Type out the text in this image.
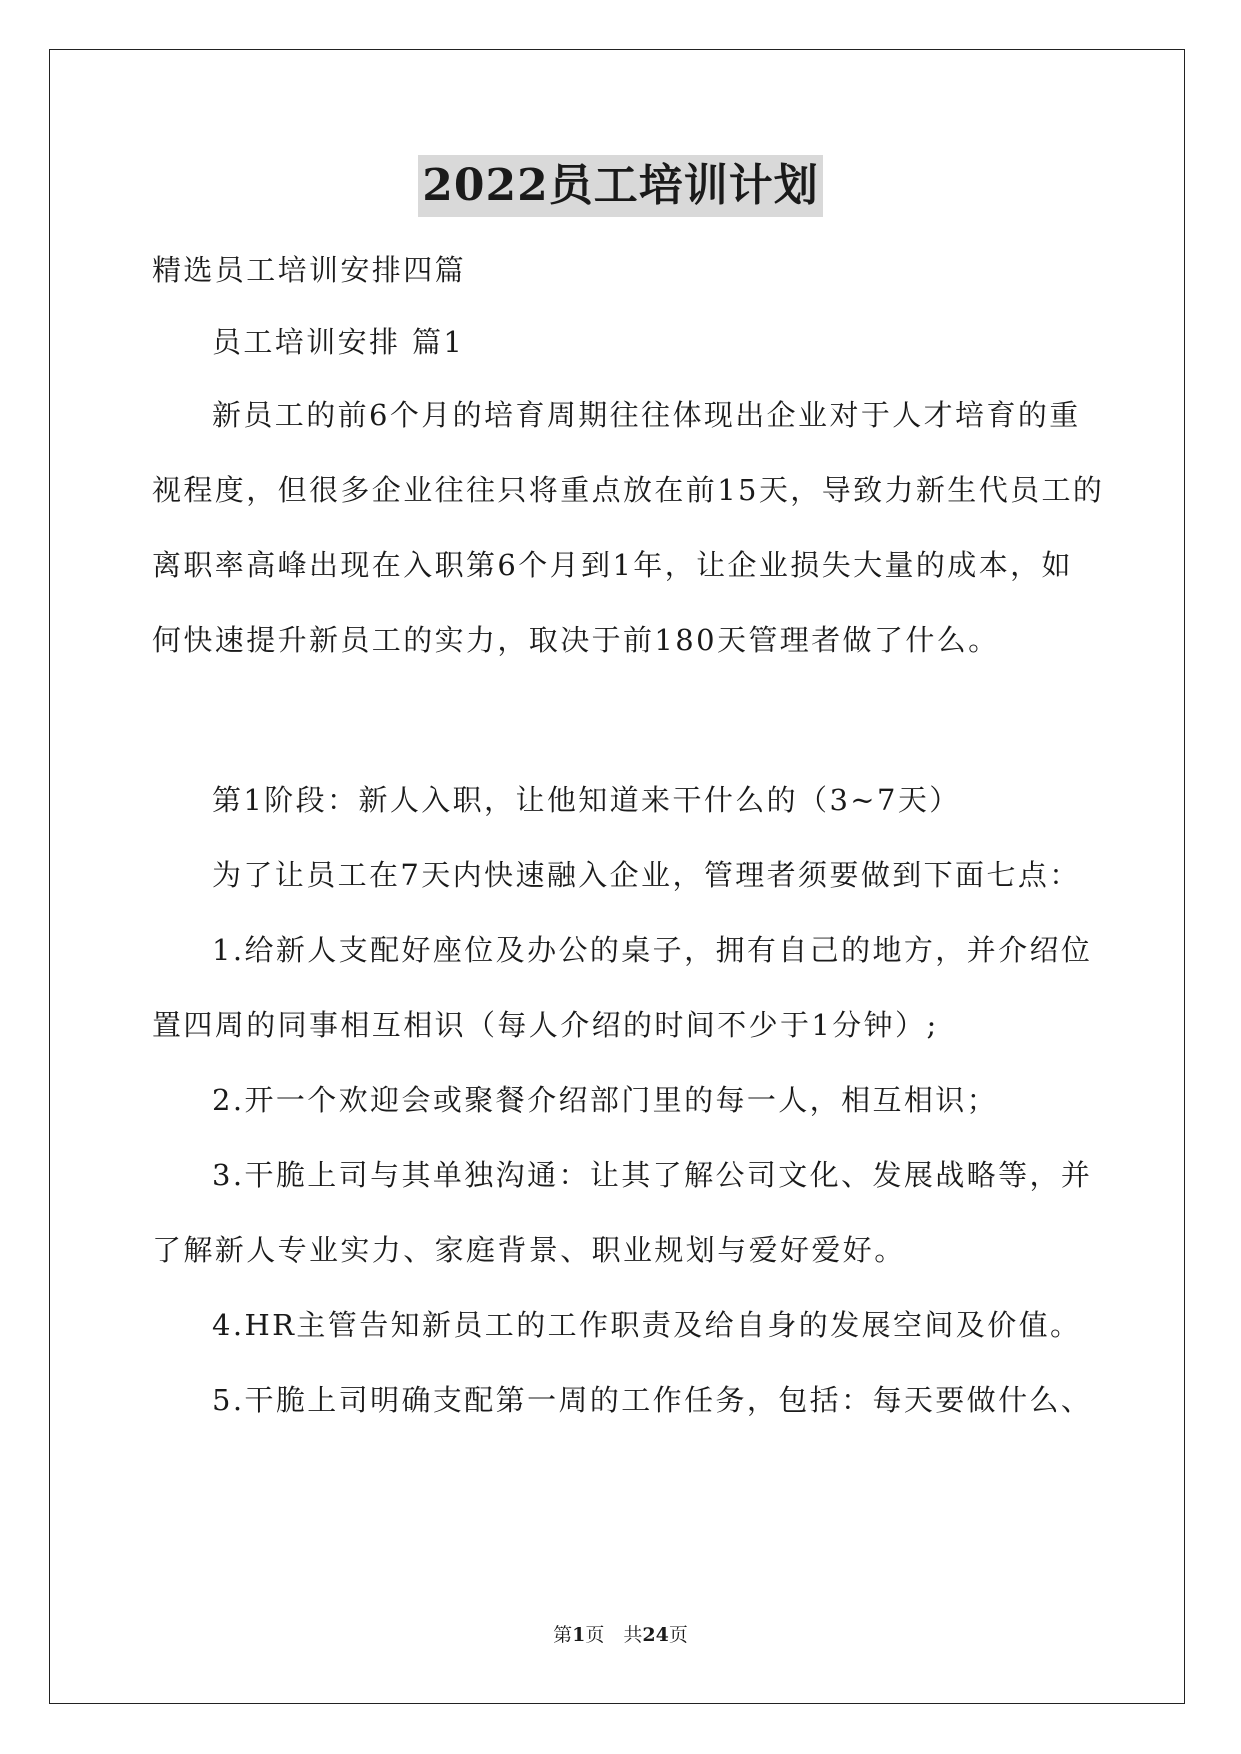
2022员工培训计划
精选员工培训安排四篇
员工培训安排 篇1
新员工的前6个月的培育周期往往体现出企业对于人才培育的重
视程度，但很多企业往往只将重点放在前15天，导致力新生代员工的
离职率高峰出现在入职第6个月到1年，让企业损失大量的成本，如
何快速提升新员工的实力，取决于前180天管理者做了什么。
第1阶段：新人入职，让他知道来干什么的（3~7天）
为了让员工在7天内快速融入企业，管理者须要做到下面七点：
1.给新人支配好座位及办公的桌子，拥有自己的地方，并介绍位
置四周的同事相互相识（每人介绍的时间不少于1分钟）;
2.开一个欢迎会或聚餐介绍部门里的每一人，相互相识；
3.干脆上司与其单独沟通：让其了解公司文化、发展战略等，并
了解新人专业实力、家庭背景、职业规划与爱好爱好。
4.HR主管告知新员工的工作职责及给自身的发展空间及价值。
5.干脆上司明确支配第一周的工作任务，包括：每天要做什么、
第1页　共24页
